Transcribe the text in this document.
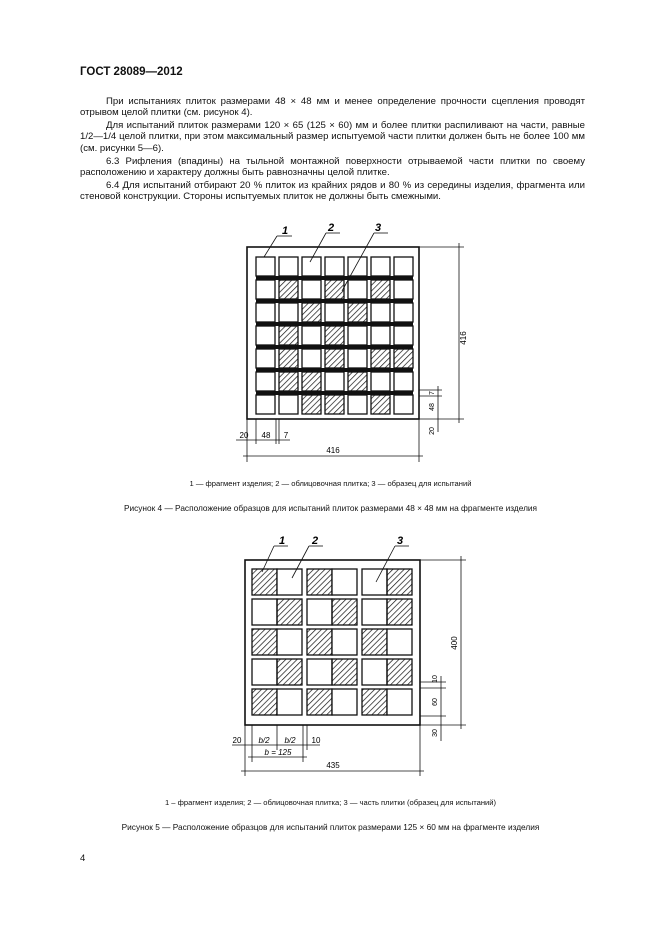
ГОСТ 28089—2012
При испытаниях плиток размерами 48 × 48 мм и менее определение прочности сцепления проводят отрывом целой плитки (см. рисунок 4).
Для испытаний плиток размерами 120 × 65 (125 × 60) мм и более плитки распиливают на части, равные 1/2—1/4 целой плитки, при этом максимальный размер испытуемой части плитки должен быть не более 100 мм (см. рисунки 5—6).
6.3 Рифления (впадины) на тыльной монтажной поверхности отрываемой части плитки по своему расположению и характеру должны быть равнозначны целой плитке.
6.4 Для испытаний отбирают 20 % плиток из крайних рядов и 80 % из середины изделия, фрагмента или стеновой конструкции. Стороны испытуемых плиток не должны быть смежными.
416
416
20 48 7
7
48
20
1	2	3
400
435
20 b/2 b/2 10
b = 125
10
60
30
1 2	3
1 — фрагмент изделия; 2 — облицовочная плитка; 3 — образец для испытаний
Рисунок 4 — Расположение образцов для испытаний плиток размерами 48 × 48 мм на фрагменте изделия
1 – фрагмент изделия; 2 — облицовочная плитка; 3 — часть плитки (образец для испытаний)
Рисунок 5 — Расположение образцов для испытаний плиток размерами 125 × 60 мм на фрагменте изделия
4
